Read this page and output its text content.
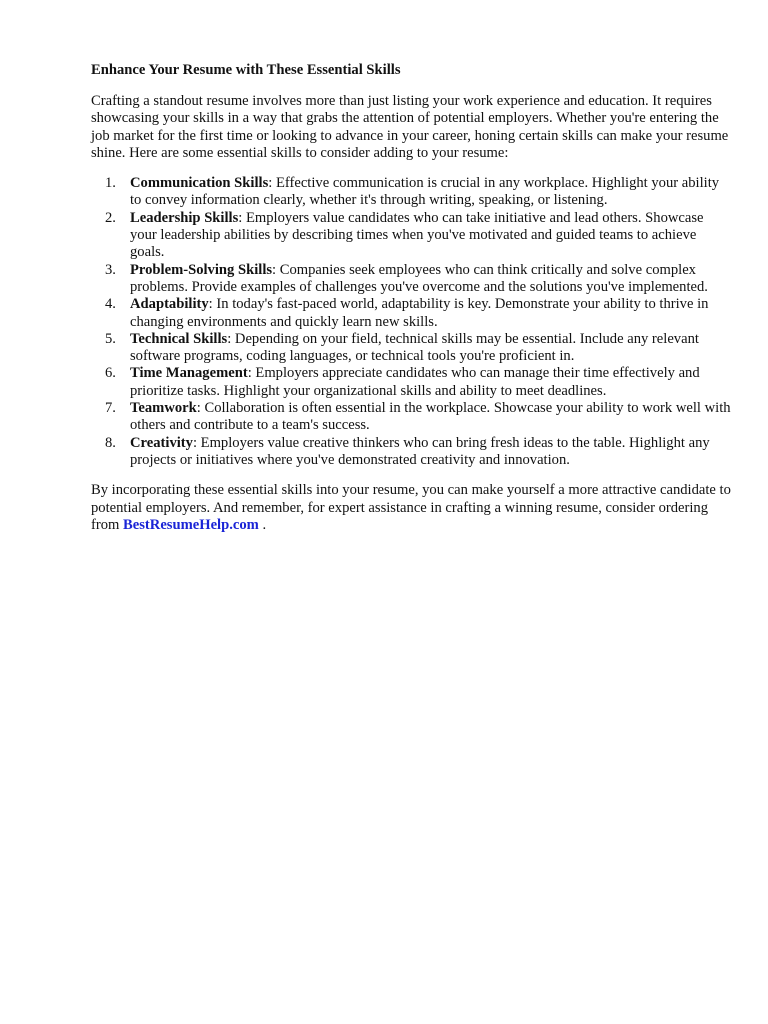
Enhance Your Resume with These Essential Skills

Crafting a standout resume involves more than just listing your work experience and education. It requires showcasing your skills in a way that grabs the attention of potential employers. Whether you're entering the job market for the first time or looking to advance in your career, honing certain skills can make your resume shine. Here are some essential skills to consider adding to your resume:

1. Communication Skills: Effective communication is crucial in any workplace. Highlight your ability to convey information clearly, whether it's through writing, speaking, or listening.
2. Leadership Skills: Employers value candidates who can take initiative and lead others. Showcase your leadership abilities by describing times when you've motivated and guided teams to achieve goals.
3. Problem-Solving Skills: Companies seek employees who can think critically and solve complex problems. Provide examples of challenges you've overcome and the solutions you've implemented.
4. Adaptability: In today's fast-paced world, adaptability is key. Demonstrate your ability to thrive in changing environments and quickly learn new skills.
5. Technical Skills: Depending on your field, technical skills may be essential. Include any relevant software programs, coding languages, or technical tools you're proficient in.
6. Time Management: Employers appreciate candidates who can manage their time effectively and prioritize tasks. Highlight your organizational skills and ability to meet deadlines.
7. Teamwork: Collaboration is often essential in the workplace. Showcase your ability to work well with others and contribute to a team's success.
8. Creativity: Employers value creative thinkers who can bring fresh ideas to the table. Highlight any projects or initiatives where you've demonstrated creativity and innovation.

By incorporating these essential skills into your resume, you can make yourself a more attractive candidate to potential employers. And remember, for expert assistance in crafting a winning resume, consider ordering from BestResumeHelp.com .
